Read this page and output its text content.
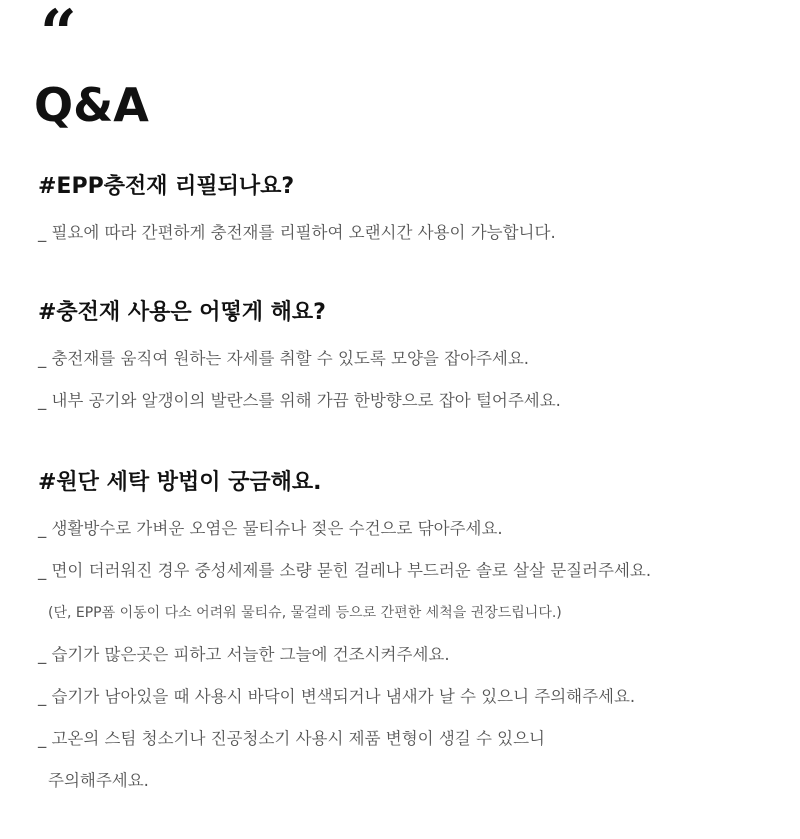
“
Q&A
#EPP충전재 리필되나요?
_ 필요에 따라 간편하게 충전재를 리필하여 오랜시간 사용이 가능합니다.
#충전재 사용은 어떻게 해요?
_ 충전재를 움직여 원하는 자세를 취할 수 있도록 모양을 잡아주세요.
_ 내부 공기와 알갱이의 발란스를 위해 가끔 한방향으로 잡아 털어주세요.
#원단 세탁 방법이 궁금해요.
_ 생활방수로 가벼운 오염은 물티슈나 젖은 수건으로 닦아주세요.
_ 면이 더러워진 경우 중성세제를 소량 묻힌 걸레나 부드러운 솔로 살살 문질러주세요.
(단, EPP폼 이동이 다소 어려워 물티슈, 물걸레 등으로 간편한 세척을 권장드립니다.)
_ 습기가 많은곳은 피하고 서늘한 그늘에 건조시켜주세요.
_ 습기가 남아있을 때 사용시 바닥이 변색되거나 냄새가 날 수 있으니 주의해주세요.
_ 고온의 스팀 청소기나 진공청소기 사용시 제품 변형이 생길 수 있으니
주의해주세요.
